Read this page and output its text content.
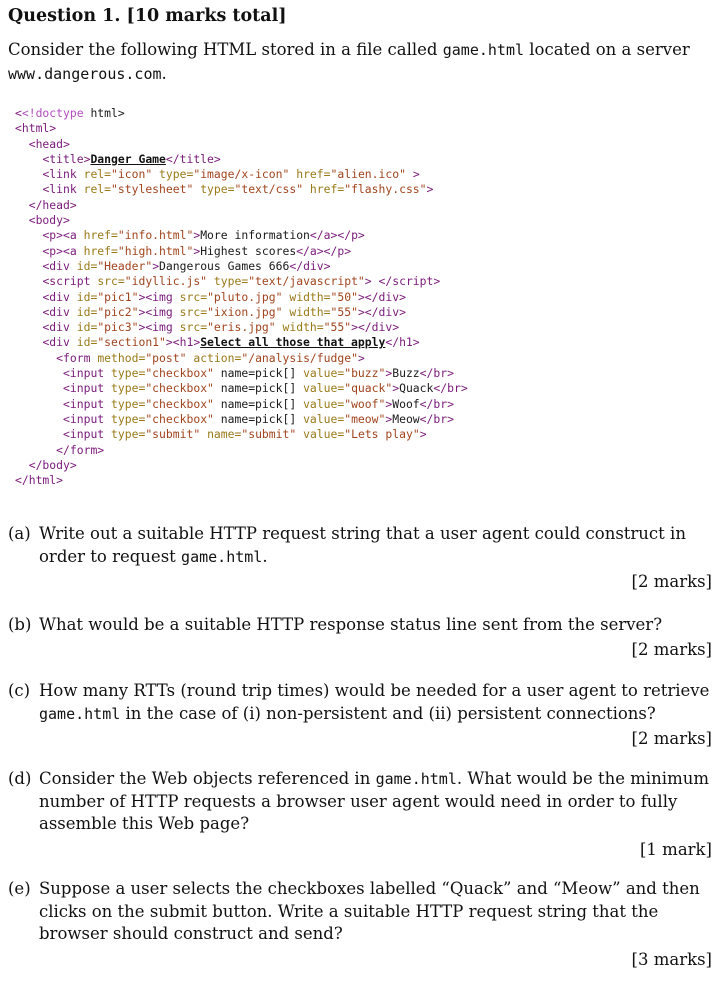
Question 1. [10 marks total]
Consider the following HTML stored in a file called game.html located on a server www.dangerous.com.
<<!doctype html>
<html>
<head>
<title>Danger Game</title>
<link rel="icon" type="image/x-icon" href="alien.ico" >
<link rel="stylesheet" type="text/css" href="flashy.css">
</head>
<body>
<p><a href="info.html">More information</a></p>
<p><a href="high.html">Highest scores</a></p>
<div id="Header">Dangerous Games 666</div>
<script src="idyllic.js" type="text/javascript"> </script>
<div id="pic1"><img src="pluto.jpg" width="50"></div>
<div id="pic2"><img src="ixion.jpg" width="55"></div>
<div id="pic3"><img src="eris.jpg" width="55"></div>
<div id="section1"><h1>Select all those that apply</h1>
<form method="post" action="/analysis/fudge">
<input type="checkbox" name=pick[] value="buzz">Buzz</br>
<input type="checkbox" name=pick[] value="quack">Quack</br>
<input type="checkbox" name=pick[] value="woof">Woof</br>
<input type="checkbox" name=pick[] value="meow">Meow</br>
<input type="submit" name="submit" value="Lets play">
</form>
</body>
</html>
(a) Write out a suitable HTTP request string that a user agent could construct in order to request game.html.
[2 marks]
(b) What would be a suitable HTTP response status line sent from the server?
[2 marks]
(c) How many RTTs (round trip times) would be needed for a user agent to retrieve game.html in the case of (i) non-persistent and (ii) persistent connections?
[2 marks]
(d) Consider the Web objects referenced in game.html. What would be the minimum number of HTTP requests a browser user agent would need in order to fully assemble this Web page?
[1 mark]
(e) Suppose a user selects the checkboxes labelled “Quack” and “Meow” and then clicks on the submit button. Write a suitable HTTP request string that the browser should construct and send?
[3 marks]
